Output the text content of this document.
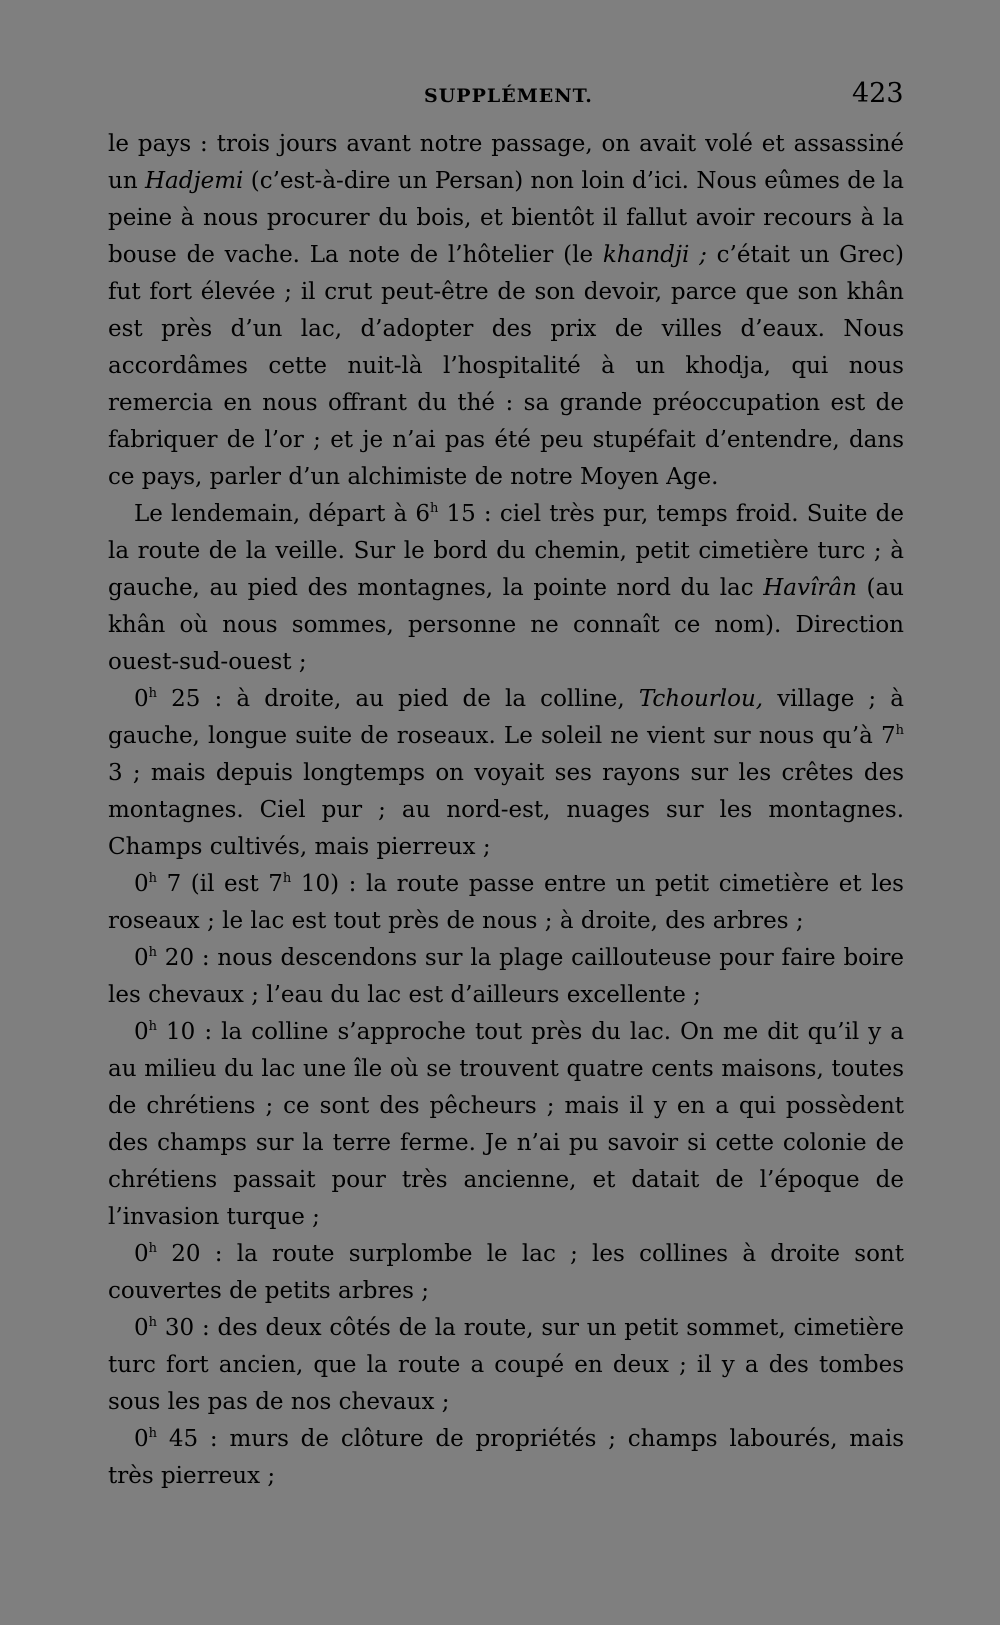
SUPPLÉMENT.	423

le pays : trois jours avant notre passage, on avait volé et assassiné un Hadjemi (c’est-à-dire un Persan) non loin d’ici. Nous eûmes de la peine à nous procurer du bois, et bientôt il fallut avoir recours à la bouse de vache. La note de l’hôtelier (le khandji ; c’était un Grec) fut fort élevée ; il crut peut-être de son devoir, parce que son khân est près d’un lac, d’adopter des prix de villes d’eaux. Nous accordâmes cette nuit-là l’hospitalité à un khodja, qui nous remercia en nous offrant du thé : sa grande préoccupation est de fabriquer de l’or ; et je n’ai pas été peu stupéfait d’entendre, dans ce pays, parler d’un alchimiste de notre Moyen Age.

Le lendemain, départ à 6$^h$ 15 : ciel très pur, temps froid. Suite de la route de la veille. Sur le bord du chemin, petit cimetière turc ; à gauche, au pied des montagnes, la pointe nord du lac Havîrân (au khân où nous sommes, personne ne connaît ce nom). Direction ouest-sud-ouest ;

0$^h$ 25 : à droite, au pied de la colline, Tchourlou, village ; à gauche, longue suite de roseaux. Le soleil ne vient sur nous qu’à 7$^h$ 3 ; mais depuis longtemps on voyait ses rayons sur les crêtes des montagnes. Ciel pur ; au nord-est, nuages sur les montagnes. Champs cultivés, mais pierreux ;

0$^h$ 7 (il est 7$^h$ 10) : la route passe entre un petit cimetière et les roseaux ; le lac est tout près de nous ; à droite, des arbres ;

0$^h$ 20 : nous descendons sur la plage caillouteuse pour faire boire les chevaux ; l’eau du lac est d’ailleurs excellente ;

0$^h$ 10 : la colline s’approche tout près du lac. On me dit qu’il y a au milieu du lac une île où se trouvent quatre cents maisons, toutes de chrétiens ; ce sont des pêcheurs ; mais il y en a qui possèdent des champs sur la terre ferme. Je n’ai pu savoir si cette colonie de chrétiens passait pour très ancienne, et datait de l’époque de l’invasion turque ;

0$^h$ 20 : la route surplombe le lac ; les collines à droite sont couvertes de petits arbres ;

0$^h$ 30 : des deux côtés de la route, sur un petit sommet, cimetière turc fort ancien, que la route a coupé en deux ; il y a des tombes sous les pas de nos chevaux ;

0$^h$ 45 : murs de clôture de propriétés ; champs labourés, mais très pierreux ;
